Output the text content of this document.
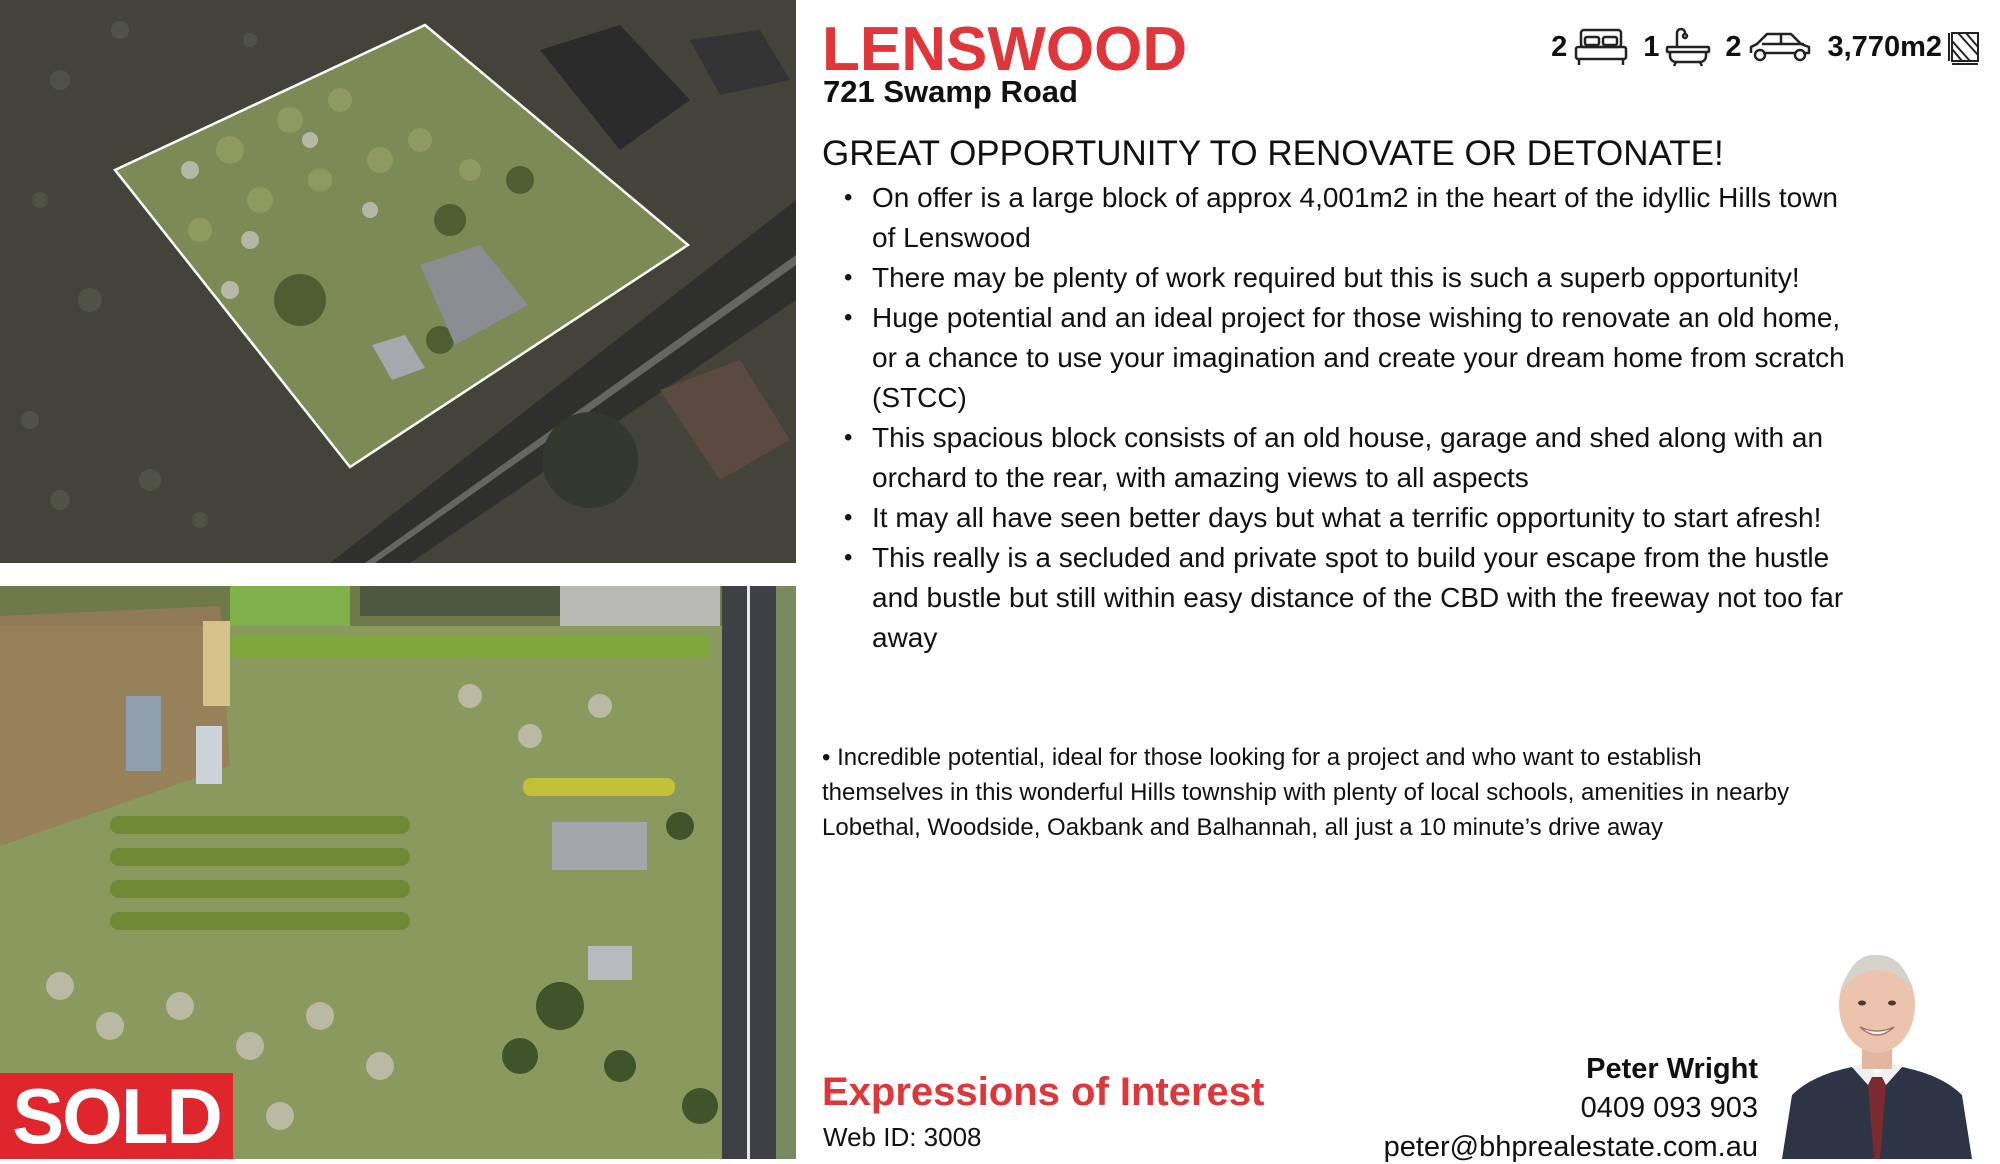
SOLD
LENSWOOD
721 Swamp Road
2	1 2	3,770m2
GREAT OPPORTUNITY TO RENOVATE OR DETONATE!
• On offer is a large block of approx 4,001m2 in the heart of the idyllic Hills town of Lenswood
• There may be plenty of work required but this is such a superb opportunity!
• Huge potential and an ideal project for those wishing to renovate an old home, or a chance to use your imagination and create your dream home from scratch (STCC)
• This spacious block consists of an old house, garage and shed along with an orchard to the rear, with amazing views to all aspects
• It may all have seen better days but what a terrific opportunity to start afresh!
• This really is a secluded and private spot to build your escape from the hustle and bustle but still within easy distance of the CBD with the freeway not too far away

• Incredible potential, ideal for those looking for a project and who want to establish themselves in this wonderful Hills township with plenty of local schools, amenities in nearby Lobethal, Woodside, Oakbank and Balhannah, all just a 10 minute’s drive away

Expressions of Interest

Web ID: 3008

Peter Wright

0409 093 903

peter@bhprealestate.com.au
